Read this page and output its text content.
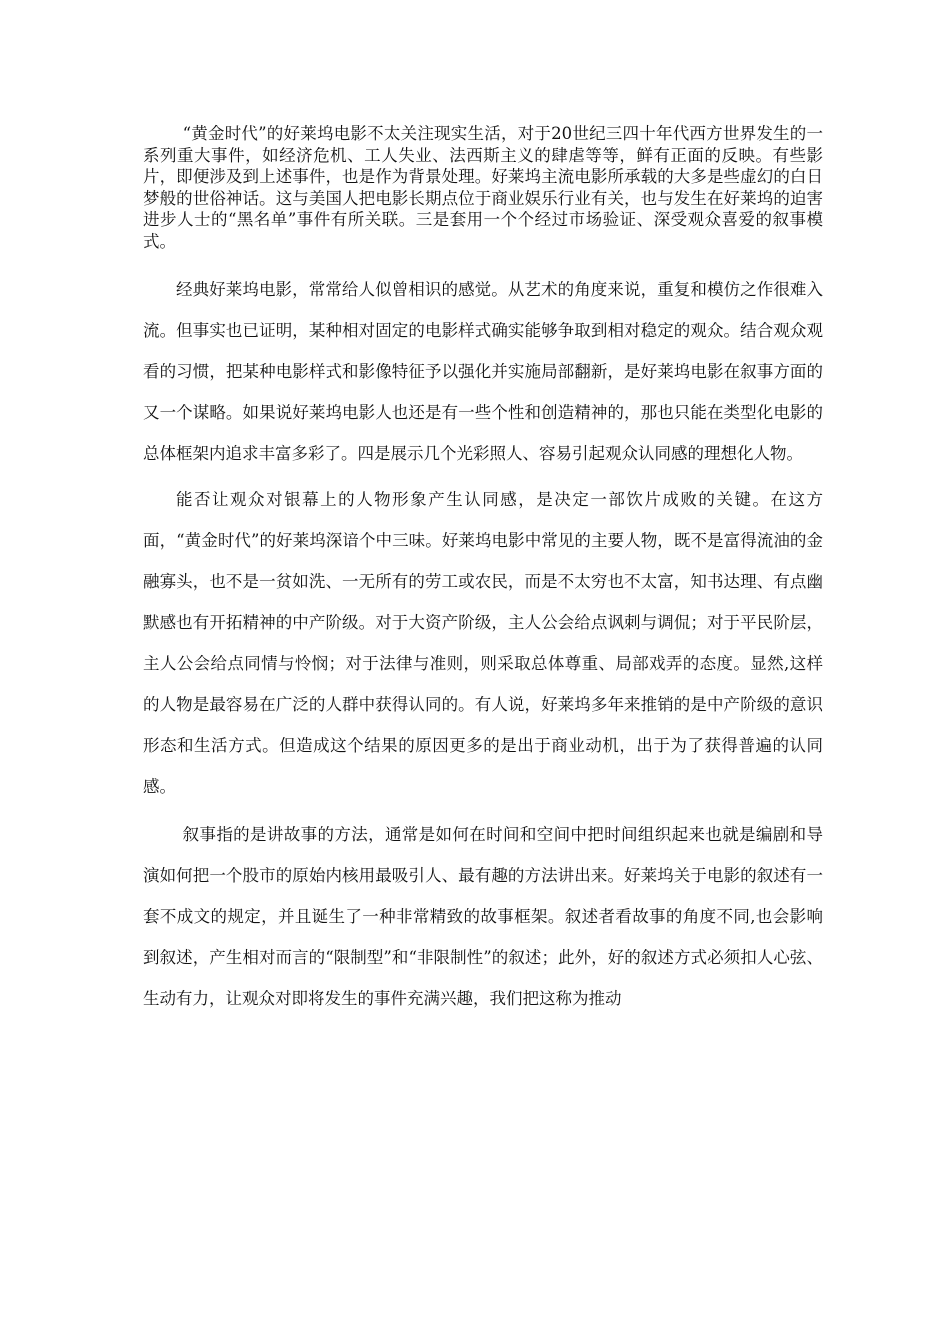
“黄金时代”的好莱坞电影不太关注现实生活，对于20世纪三四十年代西方世界发生的一系列重大事件，如经济危机、工人失业、法西斯主义的肆虐等等，鲜有正面的反映。有些影片，即便涉及到上述事件，也是作为背景处理。好莱坞主流电影所承载的大多是些虚幻的白日梦般的世俗神话。这与美国人把电影长期点位于商业娱乐行业有关，也与发生在好莱坞的迫害进步人士的“黑名单”事件有所关联。三是套用一个个经过市场验证、深受观众喜爱的叙事模式。

经典好莱坞电影，常常给人似曾相识的感觉。从艺术的角度来说，重复和模仿之作很难入流。但事实也已证明，某种相对固定的电影样式确实能够争取到相对稳定的观众。结合观众观看的习惯，把某种电影样式和影像特征予以强化并实施局部翻新，是好莱坞电影在叙事方面的又一个谋略。如果说好莱坞电影人也还是有一些个性和创造精神的，那也只能在类型化电影的总体框架内追求丰富多彩了。四是展示几个光彩照人、容易引起观众认同感的理想化人物。

能否让观众对银幕上的人物形象产生认同感，是决定一部饮片成败的关键。在这方面，“黄金时代”的好莱坞深谙个中三味。好莱坞电影中常见的主要人物，既不是富得流油的金融寡头，也不是一贫如洗、一无所有的劳工或农民，而是不太穷也不太富，知书达理、有点幽默感也有开拓精神的中产阶级。对于大资产阶级，主人公会给点讽刺与调侃；对于平民阶层，主人公会给点同情与怜悯；对于法律与准则，则采取总体尊重、局部戏弄的态度。显然,这样的人物是最容易在广泛的人群中获得认同的。有人说，好莱坞多年来推销的是中产阶级的意识形态和生活方式。但造成这个结果的原因更多的是出于商业动机，出于为了获得普遍的认同感。

叙事指的是讲故事的方法，通常是如何在时间和空间中把时间组织起来也就是编剧和导演如何把一个股市的原始内核用最吸引人、最有趣的方法讲出来。好莱坞关于电影的叙述有一套不成文的规定，并且诞生了一种非常精致的故事框架。叙述者看故事的角度不同,也会影响到叙述，产生相对而言的“限制型”和“非限制性”的叙述；此外，好的叙述方式必须扣人心弦、生动有力，让观众对即将发生的事件充满兴趣，我们把这称为推动
